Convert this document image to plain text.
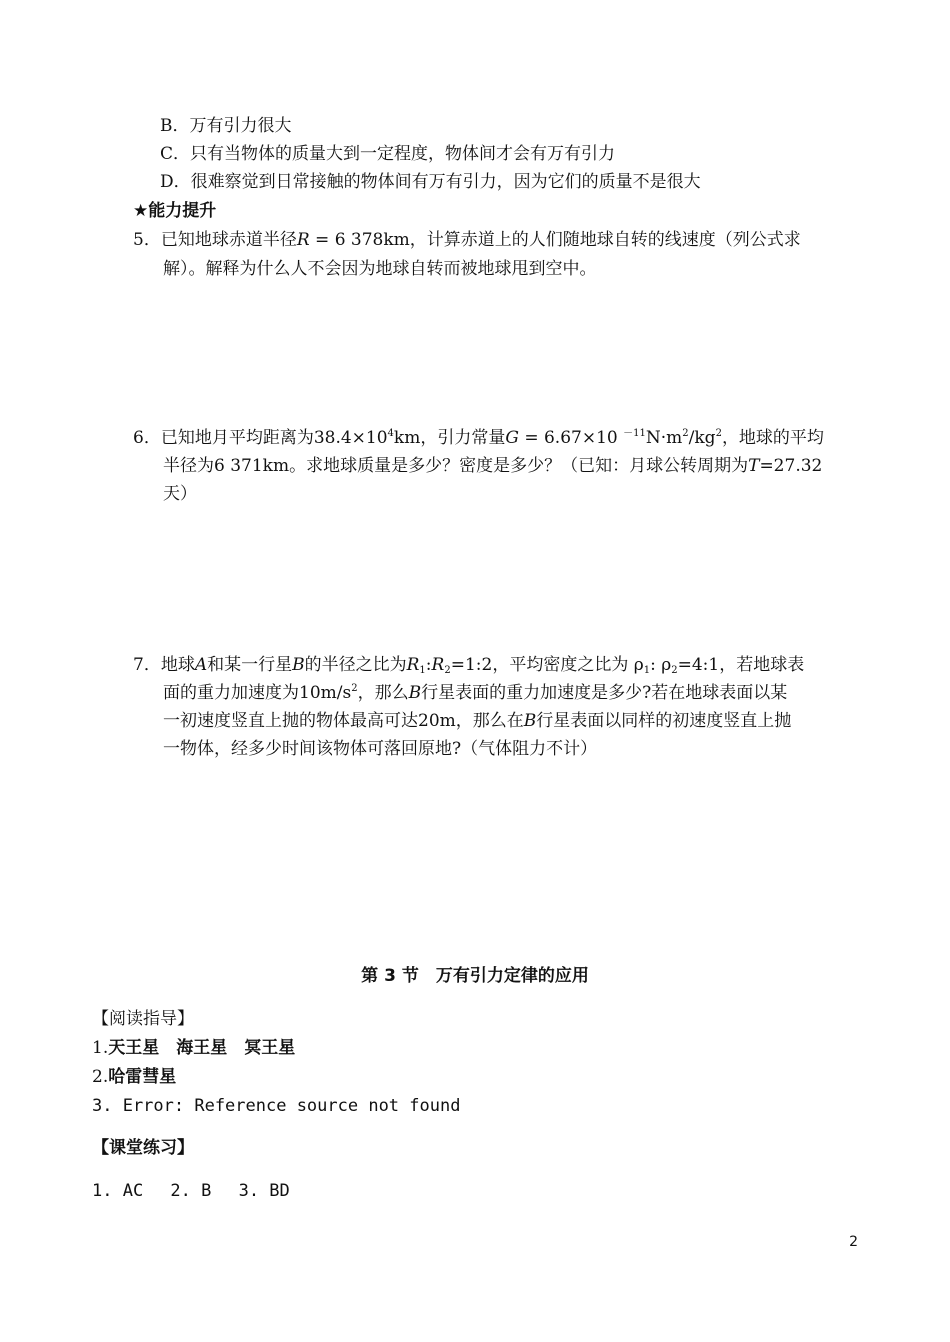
B．万有引力很大
C．只有当物体的质量大到一定程度，物体间才会有万有引力
D．很难察觉到日常接触的物体间有万有引力，因为它们的质量不是很大
★能力提升
5．已知地球赤道半径R = 6 378km，计算赤道上的人们随地球自转的线速度（列公式求
解）。解释为什么人不会因为地球自转而被地球甩到空中。
6．已知地月平均距离为$38.4\times 10^4km$，引力常量G = 6.67×10 $^{-11}N\cdot m^2/kg^2$，地球的平均
半径为6 371km。求地球质量是多少？密度是多少？（已知：月球公转周期为T=27.32
天）
7．地球A和某一行星B的半径之比为$R_1:R_2=1:2$，平均密度之比为 $\rho_1$: $\rho_2=4:1$，若地球表
面的重力加速度为$10m/s^2$，那么B行星表面的重力加速度是多少?若在地球表面以某
一初速度竖直上抛的物体最高可达20m，那么在B行星表面以同样的初速度竖直上抛
一物体，经多少时间该物体可落回原地?（气体阻力不计）
第 3 节　万有引力定律的应用
【阅读指导】
1.天王星　海王星　冥王星
2.哈雷彗星
3. Error: Reference source not found
【课堂练习】
1. AC　 2. B　 3. BD
2
